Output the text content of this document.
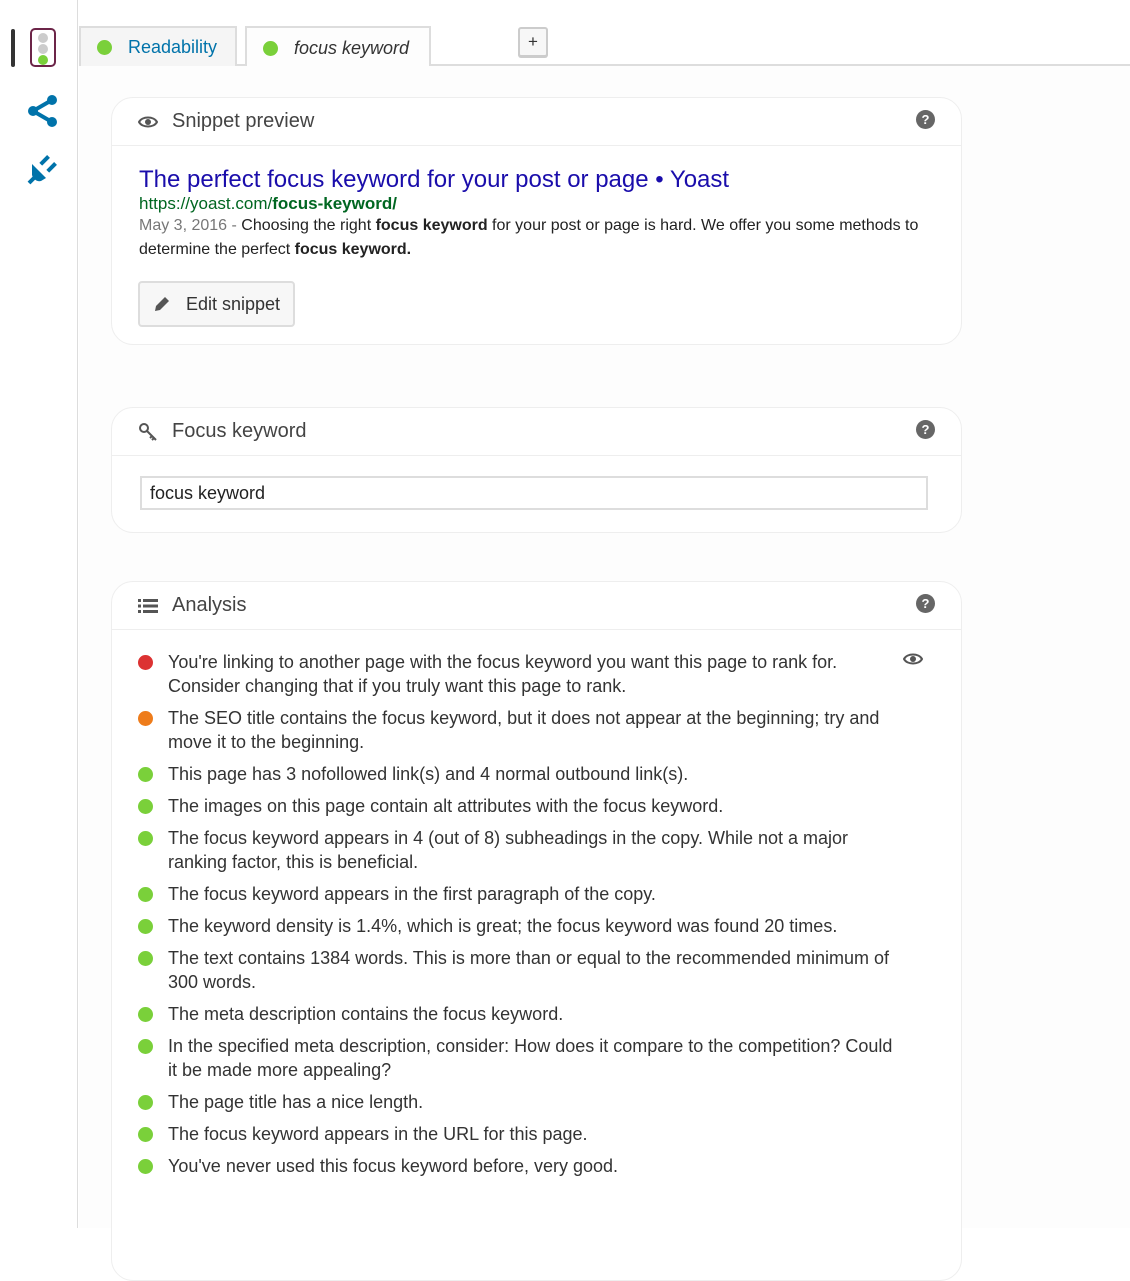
Readability	focus keyword	+
Snippet preview	?
The perfect focus keyword for your post or page • Yoast
https://yoast.com/focus-keyword/
May 3, 2016 - Choosing the right focus keyword for your post or page is hard. We offer you some methods to determine the perfect focus keyword.
Edit snippet
Focus keyword	?
focus keyword
Analysis	?
You're linking to another page with the focus keyword you want this page to rank for. Consider changing that if you truly want this page to rank.
The SEO title contains the focus keyword, but it does not appear at the beginning; try and move it to the beginning.
This page has 3 nofollowed link(s) and 4 normal outbound link(s).
The images on this page contain alt attributes with the focus keyword.
The focus keyword appears in 4 (out of 8) subheadings in the copy. While not a major ranking factor, this is beneficial.
The focus keyword appears in the first paragraph of the copy.
The keyword density is 1.4%, which is great; the focus keyword was found 20 times.
The text contains 1384 words. This is more than or equal to the recommended minimum of 300 words.
The meta description contains the focus keyword.
In the specified meta description, consider: How does it compare to the competition? Could it be made more appealing?
The page title has a nice length.
The focus keyword appears in the URL for this page.
You've never used this focus keyword before, very good.
